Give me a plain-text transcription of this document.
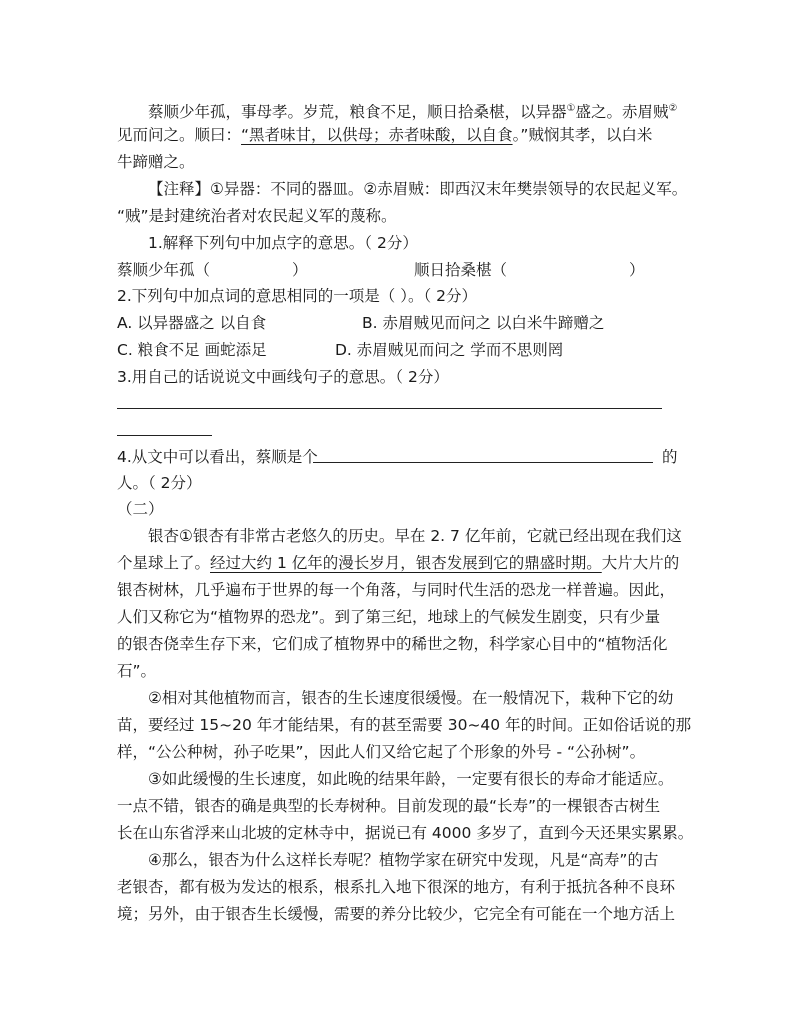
蔡顺少年孤，事母孝。岁荒，粮食不足，顺日拾桑椹，以异器①盛之。赤眉贼②
见而问之。顺曰：“黑者味甘，以供母；赤者味酸，以自食。”贼悯其孝，以白米
牛蹄赠之。
【注释】①异器：不同的器皿。②赤眉贼：即西汉末年樊崇领导的农民起义军。
“贼”是封建统治者对农民起义军的蔑称。
1.解释下列句中加点字的意思。（ 2分）
蔡顺少年孤（	）	顺日拾桑椹（	）
2.下列句中加点词的意思相同的一项是（ ）。（ 2分）
A. 以异器盛之 以自食	B. 赤眉贼见而问之 以白米牛蹄赠之
C. 粮食不足 画蛇添足	D. 赤眉贼见而问之 学而不思则罔
3.用自己的话说说文中画线句子的意思。（ 2分）
4.从文中可以看出，蔡顺是个	的
人。（ 2分）
（二）
银杏①银杏有非常古老悠久的历史。早在 2. 7 亿年前，它就已经出现在我们这
个星球上了。经过大约 1 亿年的漫长岁月，银杏发展到它的鼎盛时期。大片大片的
银杏树林，几乎遍布于世界的每一个角落，与同时代生活的恐龙一样普遍。因此，
人们又称它为“植物界的恐龙”。到了第三纪，地球上的气候发生剧变，只有少量
的银杏侥幸生存下来，它们成了植物界中的稀世之物，科学家心目中的“植物活化
石”。
②相对其他植物而言，银杏的生长速度很缓慢。在一般情况下，栽种下它的幼
苗，要经过 15~20 年才能结果，有的甚至需要 30~40 年的时间。正如俗话说的那
样，“公公种树，孙子吃果”，因此人们又给它起了个形象的外号 - “公孙树”。
③如此缓慢的生长速度，如此晚的结果年龄，一定要有很长的寿命才能适应。
一点不错，银杏的确是典型的长寿树种。目前发现的最“长寿”的一棵银杏古树生
长在山东省浮来山北坡的定林寺中，据说已有 4000 多岁了，直到今天还果实累累。
④那么，银杏为什么这样长寿呢？植物学家在研究中发现，凡是“高寿”的古
老银杏，都有极为发达的根系，根系扎入地下很深的地方，有利于抵抗各种不良环
境；另外，由于银杏生长缓慢，需要的养分比较少，它完全有可能在一个地方活上
